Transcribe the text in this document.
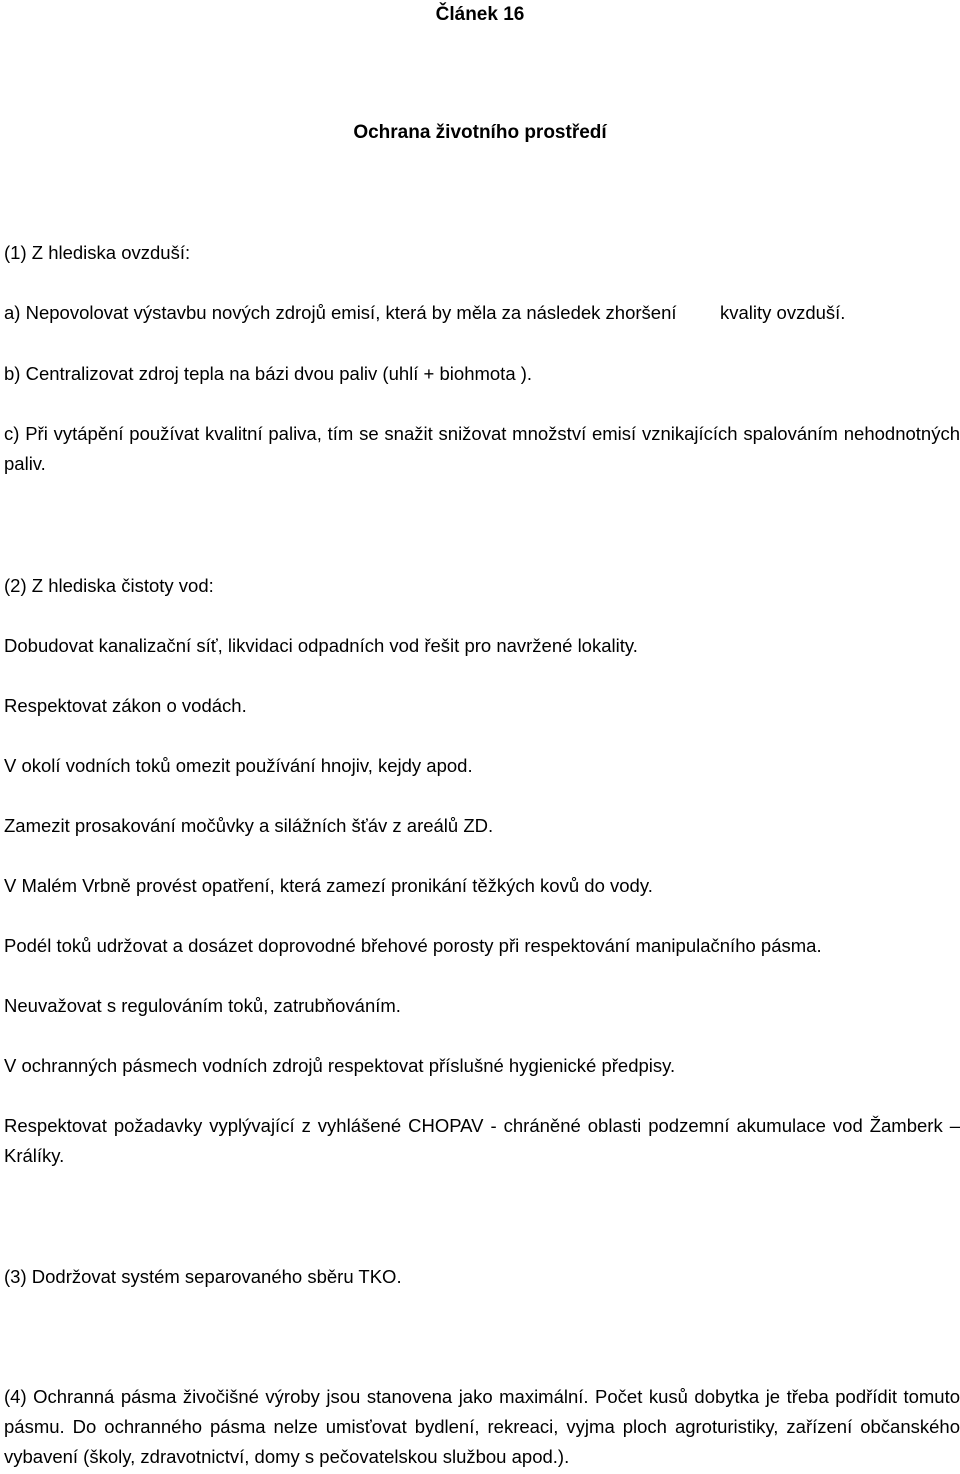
Článek 16
Ochrana životního prostředí
(1) Z hlediska ovzduší:
a) Nepovolovat výstavbu nových zdrojů emisí, která by měla za následek zhoršení kvality ovzduší.
b) Centralizovat zdroj tepla na bázi dvou paliv (uhlí + biohmota ).
c) Při vytápění používat kvalitní paliva, tím se snažit snižovat množství emisí vznikajících spalováním nehodnotných paliv.
(2) Z hlediska čistoty vod:
Dobudovat kanalizační síť, likvidaci odpadních vod řešit pro navržené lokality.
Respektovat zákon o vodách.
V okolí vodních toků omezit používání hnojiv, kejdy apod.
Zamezit prosakování močůvky a silážních šťáv z areálů ZD.
V Malém Vrbně provést opatření, která zamezí pronikání těžkých kovů do vody.
Podél toků udržovat a dosázet doprovodné břehové porosty při respektování manipulačního pásma.
Neuvažovat s regulováním toků, zatrubňováním.
V ochranných pásmech vodních zdrojů respektovat příslušné hygienické předpisy.
Respektovat požadavky vyplývající z vyhlášené CHOPAV - chráněné oblasti podzemní akumulace vod Žamberk – Králíky.
(3) Dodržovat systém separovaného sběru TKO.
(4) Ochranná pásma živočišné výroby jsou stanovena jako maximální. Počet kusů dobytka je třeba podřídit tomuto pásmu. Do ochranného pásma nelze umisťovat bydlení, rekreaci, vyjma ploch agroturistiky, zařízení občanského vybavení (školy, zdravotnictví, domy s pečovatelskou službou apod.).
